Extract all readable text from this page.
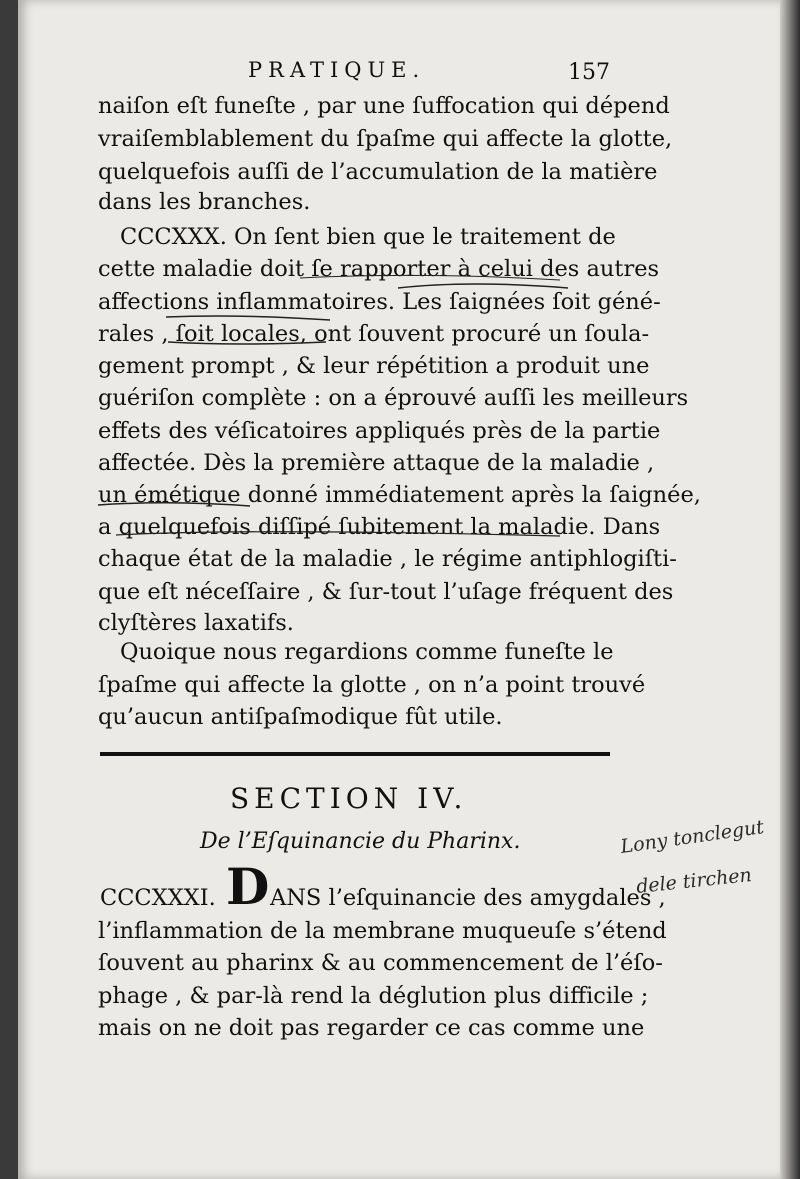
PRATIQUE.	157
naiſon eſt funeſte , par une ſuffocation qui dépend
vraiſemblablement du ſpaſme qui affecte la glotte,
quelquefois auſſi de l’accumulation de la matière
dans les branches.
CCCXXX. On ſent bien que le traitement de
cette maladie doit ſe rapporter à celui des autres
affections inflammatoires. Les ſaignées ſoit géné-
rales , ſoit locales, ont ſouvent procuré un ſoula-
gement prompt , & leur répétition a produit une
guériſon complète : on a éprouvé auſſi les meilleurs
effets des véſicatoires appliqués près de la partie
affectée. Dès la première attaque de la maladie ,
un émétique donné immédiatement après la ſaignée,
a quelquefois diſſipé ſubitement la maladie. Dans
chaque état de la maladie , le régime antiphlogiſti-
que eſt néceſſaire , & ſur-tout l’uſage fréquent des
clyſtères laxatifs.
Quoique nous regardions comme funeſte le
ſpaſme qui affecte la glotte , on n’a point trouvé
qu’aucun antiſpaſmodique fût utile.
SECTION IV.
De l’Eſquinancie du Pharinx.
CCCXXXI. D ANS l’eſquinancie des amygdales ,
l’inflammation de la membrane muqueuſe s’étend
ſouvent au pharinx & au commencement de l’éſo-
phage , & par-là rend la déglution plus difficile ;
mais on ne doit pas regarder ce cas comme une
Lony tonclegut
dele tirchen
